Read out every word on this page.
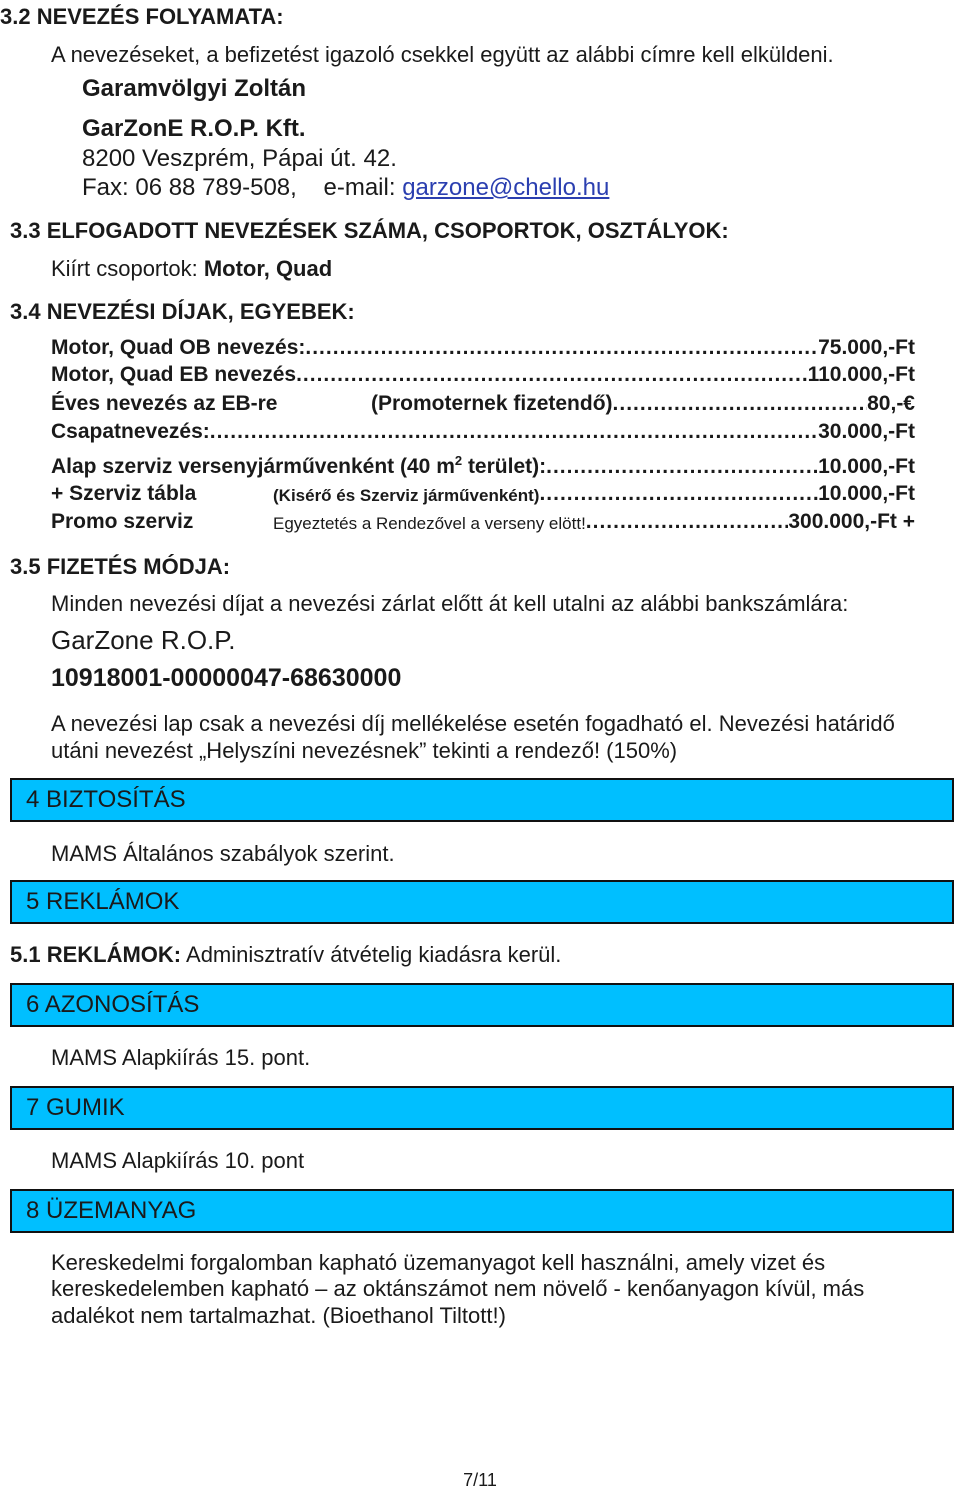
3.2 NEVEZÉS FOLYAMATA:
A nevezéseket, a befizetést igazoló csekkel együtt az alábbi címre kell elküldeni.
Garamvölgyi Zoltán
GarZonE R.O.P. Kft.
8200 Veszprém, Pápai út. 42.
Fax: 06 88 789-508, e-mail: garzone@chello.hu
3.3 ELFOGADOTT NEVEZÉSEK SZÁMA, CSOPORTOK, OSZTÁLYOK:
Kiírt csoportok: Motor, Quad
3.4 NEVEZÉSI DÍJAK, EGYEBEK:
Motor, Quad OB nevezés: .....	75.000,-Ft
Motor, Quad EB nevezés .....	110.000,-Ft
Éves nevezés az EB-re	(Promoternek fizetendő) .....	80,-€
Csapatnevezés: .....	30.000,-Ft
Alap szerviz versenyjárművenként (40 $m^2$ terület): .....	10.000,-Ft
+ Szerviz tábla	(Kisérő és Szerviz járművenként) .....	10.000,-Ft
Promo szerviz	Egyeztetés a Rendezővel a verseny elött! .....	300.000,-Ft +
3.5 FIZETÉS MÓDJA:
Minden nevezési díjat a nevezési zárlat előtt át kell utalni az alábbi bankszámlára:
GarZone R.O.P.
10918001-00000047-68630000
A nevezési lap csak a nevezési díj mellékelése esetén fogadható el. Nevezési határidő
utáni nevezést „Helyszíni nevezésnek” tekinti a rendező! (150%)
4 BIZTOSÍTÁS
MAMS Általános szabályok szerint.
5 REKLÁMOK
5.1 REKLÁMOK: Adminisztratív átvételig kiadásra kerül.
6 AZONOSÍTÁS
MAMS Alapkiírás 15. pont.
7 GUMIK
MAMS Alapkiírás 10. pont
8 ÜZEMANYAG
Kereskedelmi forgalomban kapható üzemanyagot kell használni, amely vizet és
kereskedelemben kapható – az oktánszámot nem növelő - kenőanyagon kívül, más
adalékot nem tartalmazhat. (Bioethanol Tiltott!)
7/11
